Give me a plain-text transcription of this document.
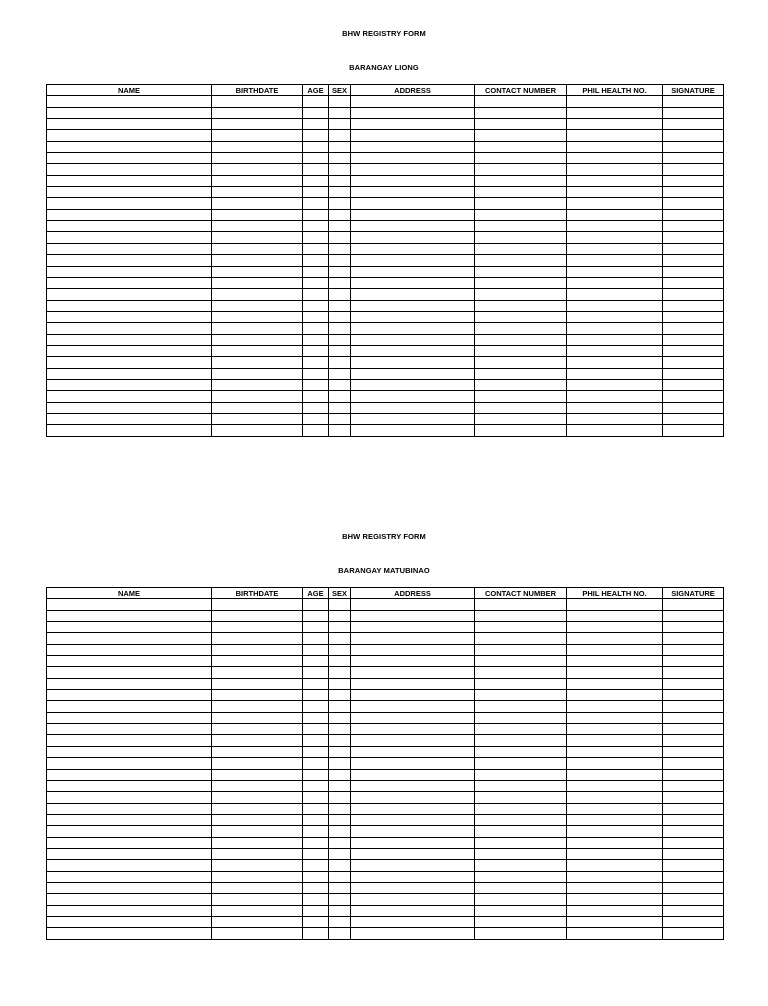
BHW REGISTRY FORM
BARANGAY LIONG
NAME	BIRTHDATE	AGE	SEX	ADDRESS	CONTACT NUMBER	PHIL HEALTH NO.	SIGNATURE

BHW REGISTRY FORM
BARANGAY MATUBINAO
NAME	BIRTHDATE	AGE	SEX	ADDRESS	CONTACT NUMBER	PHIL HEALTH NO.	SIGNATURE
